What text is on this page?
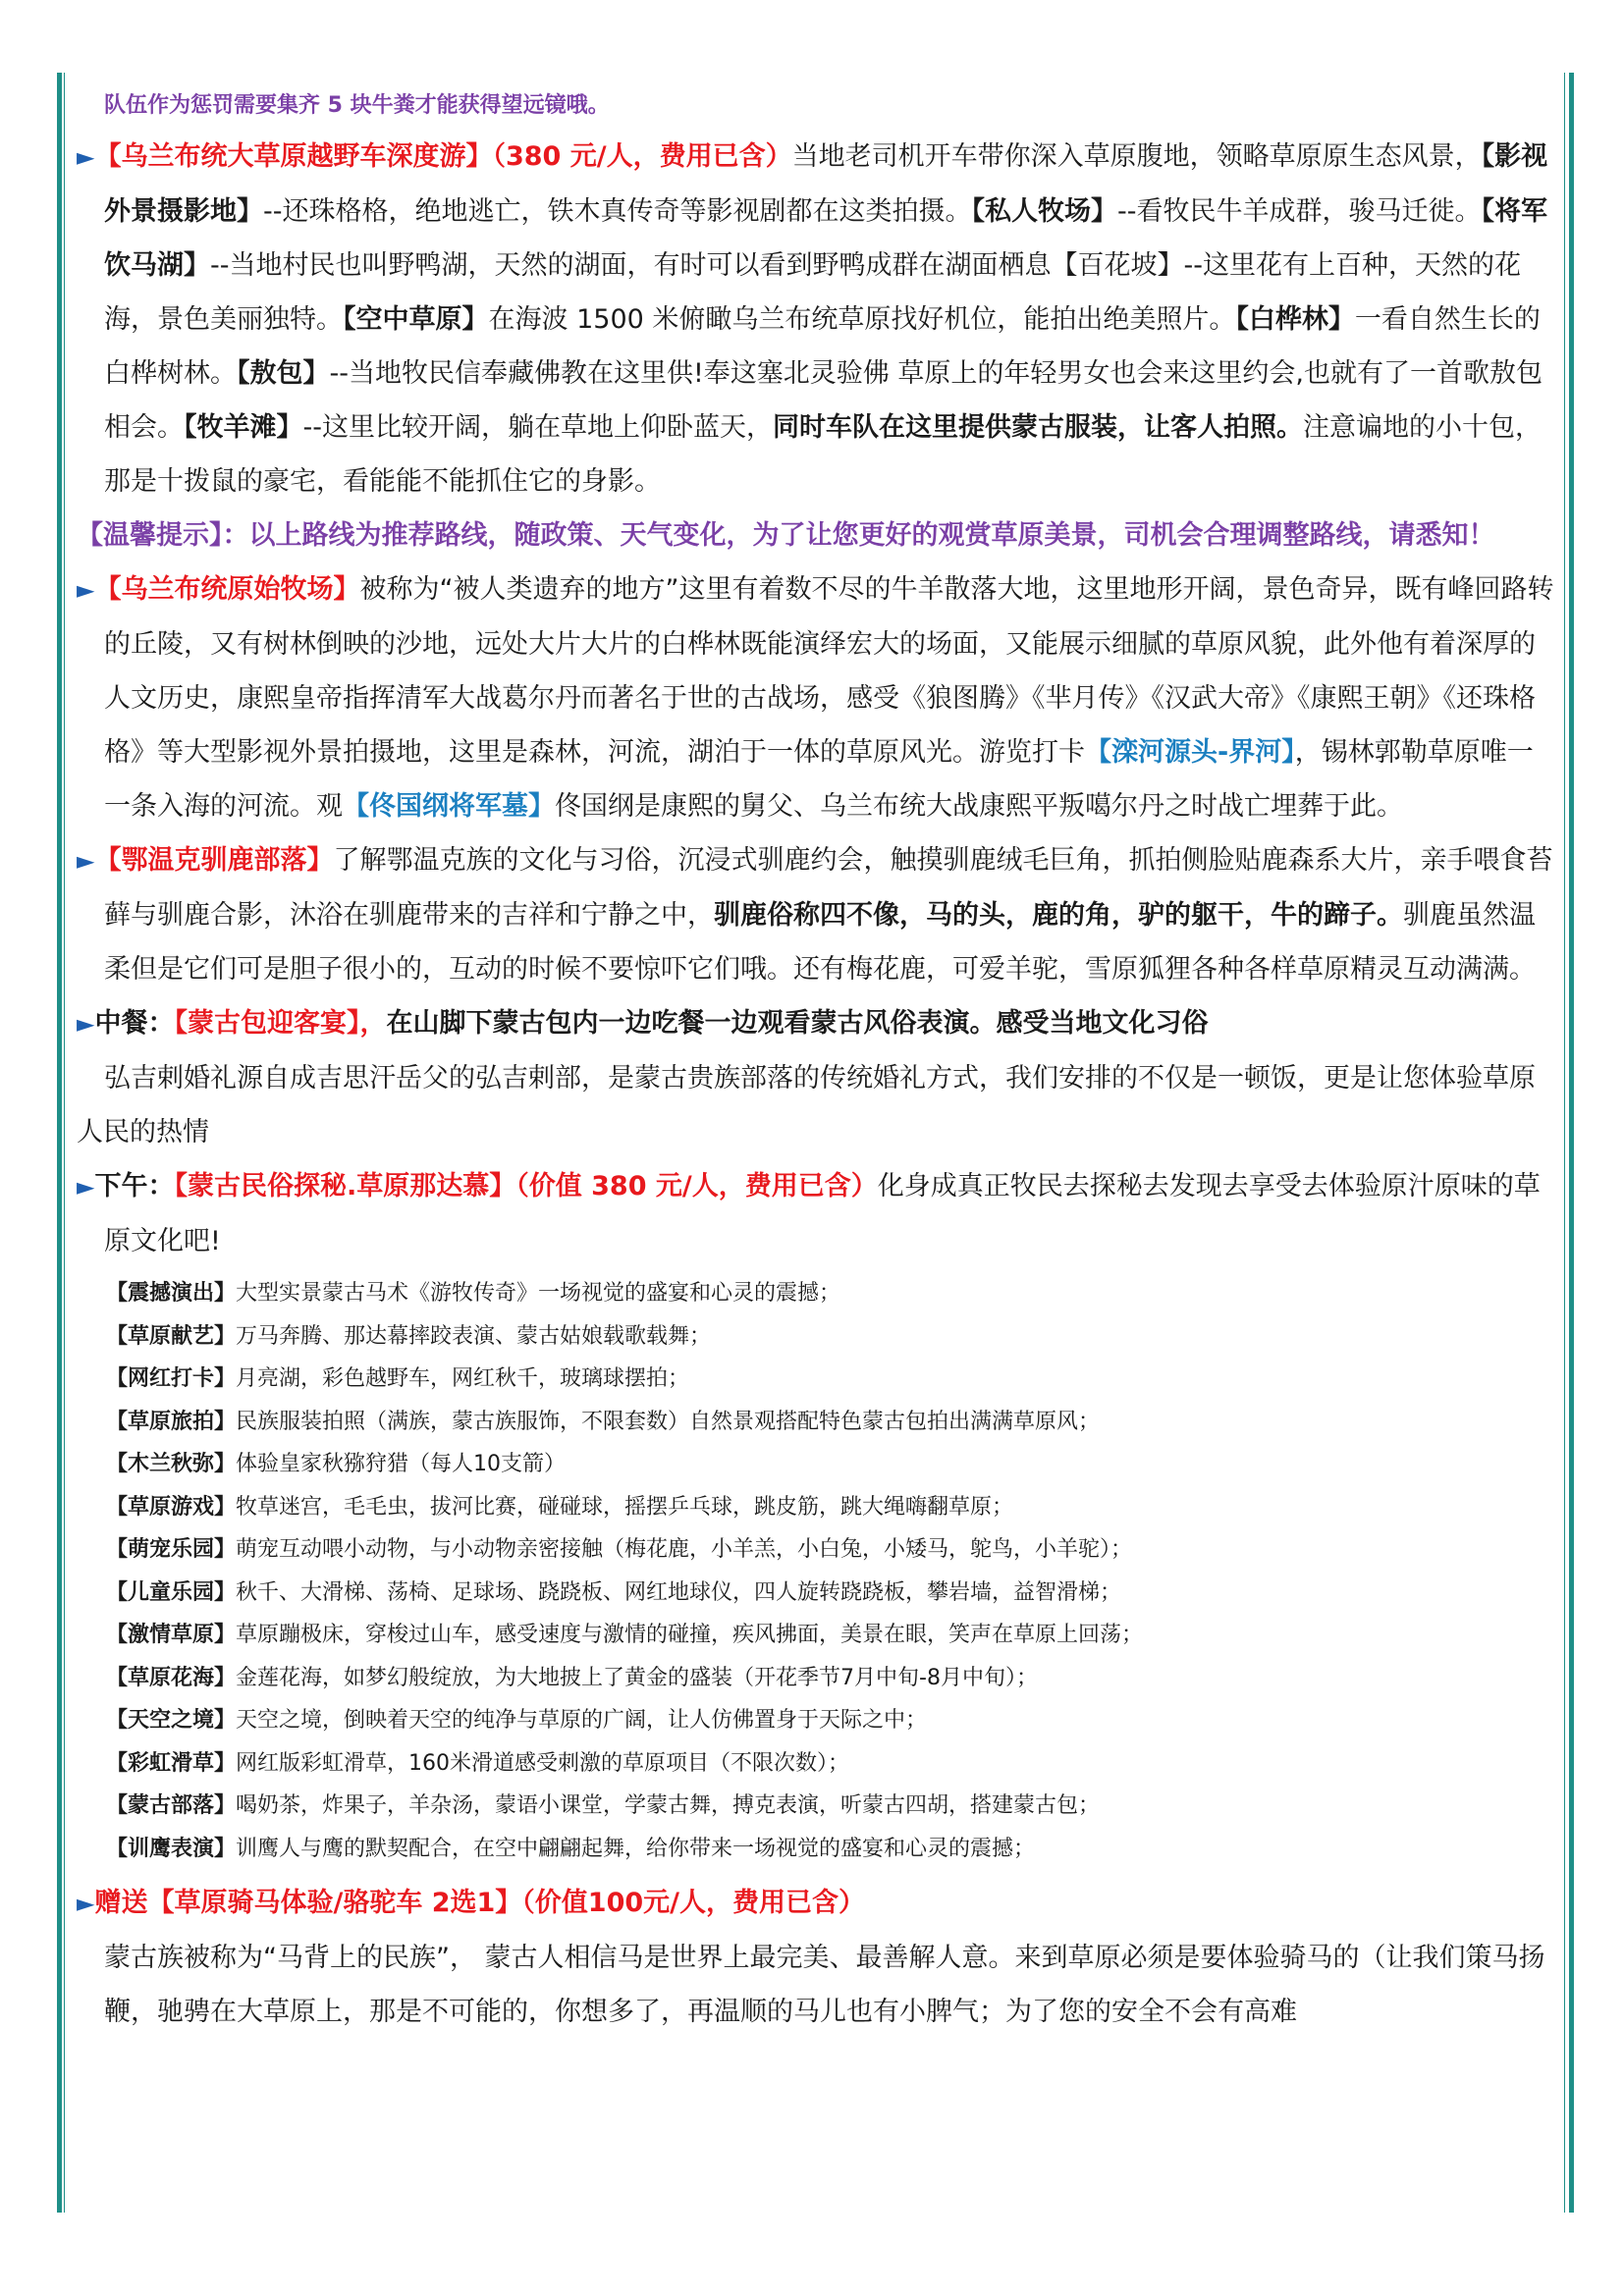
队伍作为惩罚需要集齐 5 块牛粪才能获得望远镜哦。

►【乌兰布统大草原越野车深度游】（380 元/人，费用已含）当地老司机开车带你深入草原腹地，领略草原原生态风景，【影视外景摄影地】--还珠格格，绝地逃亡，铁木真传奇等影视剧都在这类拍摄。【私人牧场】--看牧民牛羊成群，骏马迁徙。【将军饮马湖】--当地村民也叫野鸭湖，天然的湖面，有时可以看到野鸭成群在湖面栖息【百花坡】--这里花有上百种，天然的花海，景色美丽独特。【空中草原】在海波 1500 米俯瞰乌兰布统草原找好机位，能拍出绝美照片。【白桦林】一看自然生长的白桦树林。【敖包】--当地牧民信奉藏佛教在这里供!奉这塞北灵验佛 草原上的年轻男女也会来这里约会,也就有了一首歌敖包相会。【牧羊滩】--这里比较开阔，躺在草地上仰卧蓝天，同时车队在这里提供蒙古服装，让客人拍照。注意谝地的小十包，那是十拨鼠的豪宅，看能能不能抓住它的身影。

【温馨提示】：以上路线为推荐路线，随政策、天气变化，为了让您更好的观赏草原美景，司机会合理调整路线，请悉知！

►【乌兰布统原始牧场】被称为“被人类遗弃的地方”这里有着数不尽的牛羊散落大地，这里地形开阔，景色奇异，既有峰回路转的丘陵，又有树林倒映的沙地，远处大片大片的白桦林既能演绎宏大的场面，又能展示细腻的草原风貌，此外他有着深厚的人文历史，康熙皇帝指挥清军大战葛尔丹而著名于世的古战场，感受《狼图腾》《芈月传》《汉武大帝》《康熙王朝》《还珠格格》等大型影视外景拍摄地，这里是森林，河流，湖泊于一体的草原风光。游览打卡【滦河源头-界河】，锡林郭勒草原唯一一条入海的河流。观【佟国纲将军墓】佟国纲是康熙的舅父、乌兰布统大战康熙平叛噶尔丹之时战亡埋葬于此。

►【鄂温克驯鹿部落】了解鄂温克族的文化与习俗，沉浸式驯鹿约会，触摸驯鹿绒毛巨角，抓拍侧脸贴鹿森系大片，亲手喂食苔藓与驯鹿合影，沐浴在驯鹿带来的吉祥和宁静之中，驯鹿俗称四不像，马的头，鹿的角，驴的躯干，牛的蹄子。驯鹿虽然温柔但是它们可是胆子很小的，互动的时候不要惊吓它们哦。还有梅花鹿，可爱羊驼，雪原狐狸各种各样草原精灵互动满满。

►中餐：【蒙古包迎客宴】，在山脚下蒙古包内一边吃餐一边观看蒙古风俗表演。感受当地文化习俗

弘吉剌婚礼源自成吉思汗岳父的弘吉剌部，是蒙古贵族部落的传统婚礼方式，我们安排的不仅是一顿饭，更是让您体验草原人民的热情

►下午：【蒙古民俗探秘.草原那达慕】（价值 380 元/人，费用已含）化身成真正牧民去探秘去发现去享受去体验原汁原味的草原文化吧!

【震撼演出】大型实景蒙古马术《游牧传奇》一场视觉的盛宴和心灵的震撼；

【草原献艺】万马奔腾、那达幕摔跤表演、蒙古姑娘载歌载舞；

【网红打卡】月亮湖，彩色越野车，网红秋千，玻璃球摆拍；

【草原旅拍】民族服装拍照（满族，蒙古族服饰，不限套数）自然景观搭配特色蒙古包拍出满满草原风；

【木兰秋弥】体验皇家秋猕狩猎（每人10支箭）

【草原游戏】牧草迷宫，毛毛虫，拔河比赛，碰碰球，摇摆乒乓球，跳皮筋，跳大绳嗨翻草原；

【萌宠乐园】萌宠互动喂小动物，与小动物亲密接触（梅花鹿，小羊羔，小白兔，小矮马，鸵鸟，小羊驼）；

【儿童乐园】秋千、大滑梯、荡椅、足球场、跷跷板、网红地球仪，四人旋转跷跷板，攀岩墙，益智滑梯；

【激情草原】草原蹦极床，穿梭过山车，感受速度与激情的碰撞，疾风拂面，美景在眼，笑声在草原上回荡；

【草原花海】金莲花海，如梦幻般绽放，为大地披上了黄金的盛装（开花季节7月中旬-8月中旬）；

【天空之境】天空之境，倒映着天空的纯净与草原的广阔，让人仿佛置身于天际之中；

【彩虹滑草】网红版彩虹滑草，160米滑道感受刺激的草原项目（不限次数）；

【蒙古部落】喝奶茶，炸果子，羊杂汤，蒙语小课堂，学蒙古舞，搏克表演，听蒙古四胡，搭建蒙古包；

【训鹰表演】训鹰人与鹰的默契配合，在空中翩翩起舞，给你带来一场视觉的盛宴和心灵的震撼；

►赠送【草原骑马体验/骆驼车 2选1】（价值100元/人，费用已含）

蒙古族被称为“马背上的民族”， 蒙古人相信马是世界上最完美、最善解人意。来到草原必须是要体验骑马的（让我们策马扬鞭，驰骋在大草原上，那是不可能的，你想多了，再温顺的马儿也有小脾气；为了您的安全不会有高难
